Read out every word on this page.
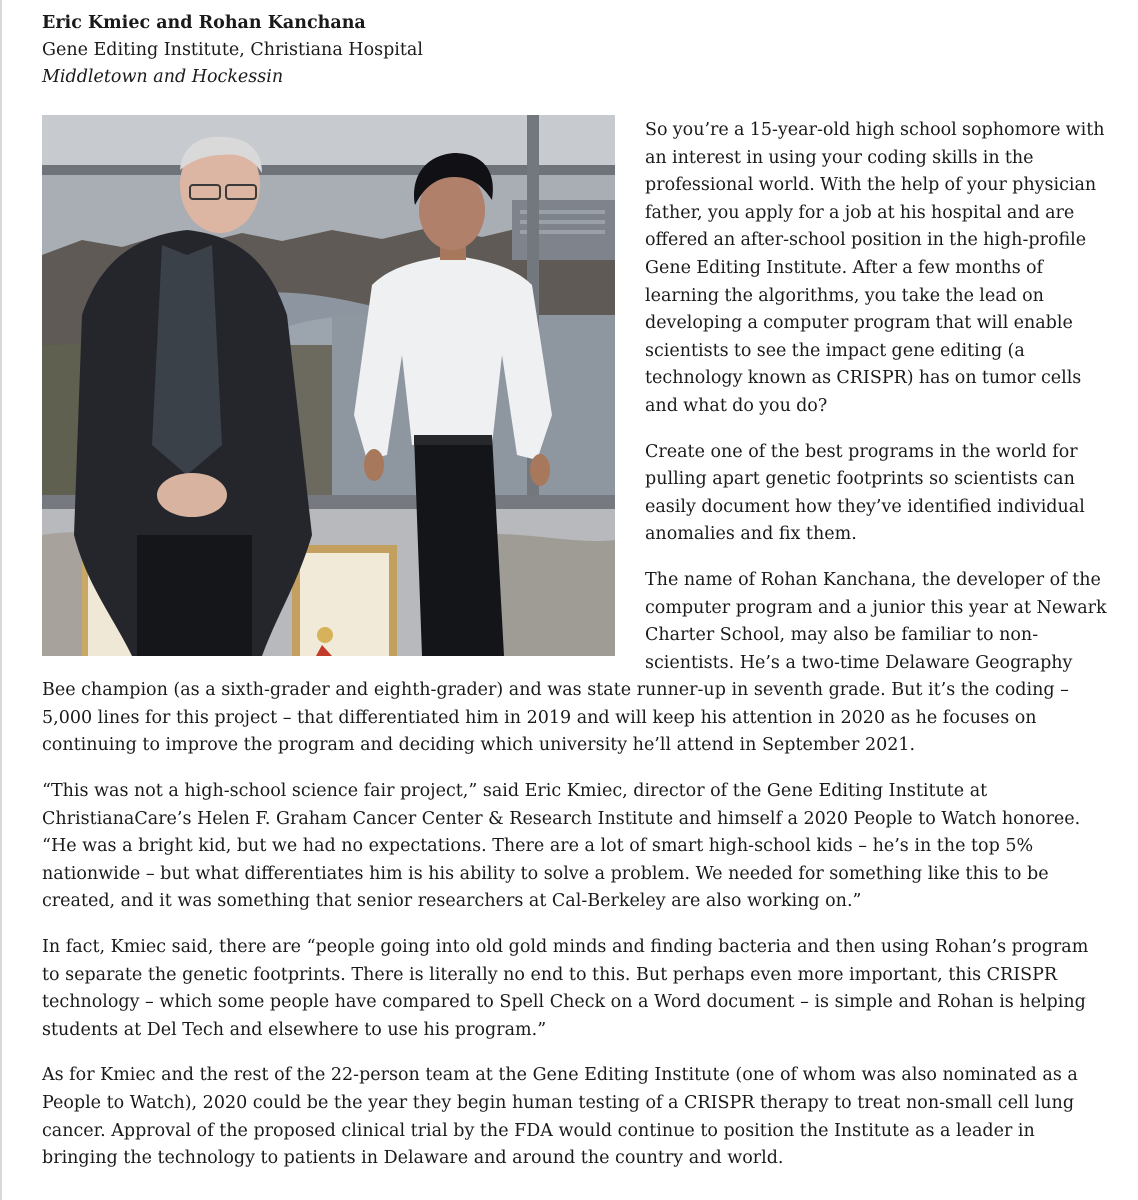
Eric Kmiec and Rohan Kanchana
Gene Editing Institute, Christiana Hospital
Middletown and Hockessin

So you’re a 15-year-old high school sophomore with an interest in using your coding skills in the professional world. With the help of your physician father, you apply for a job at his hospital and are offered an after-school position in the high-profile Gene Editing Institute. After a few months of learning the algorithms, you take the lead on developing a computer program that will enable scientists to see the impact gene editing (a technology known as CRISPR) has on tumor cells and what do you do?

Create one of the best programs in the world for pulling apart genetic footprints so scientists can easily document how they’ve identified individual anomalies and fix them.

The name of Rohan Kanchana, the developer of the computer program and a junior this year at Newark Charter School, may also be familiar to non-scientists. He’s a two-time Delaware Geography Bee champion (as a sixth-grader and eighth-grader) and was state runner-up in seventh grade. But it’s the coding – 5,000 lines for this project – that differentiated him in 2019 and will keep his attention in 2020 as he focuses on continuing to improve the program and deciding which university he’ll attend in September 2021.

“This was not a high-school science fair project,” said Eric Kmiec, director of the Gene Editing Institute at ChristianaCare’s Helen F. Graham Cancer Center & Research Institute and himself a 2020 People to Watch honoree. “He was a bright kid, but we had no expectations. There are a lot of smart high-school kids – he’s in the top 5% nationwide – but what differentiates him is his ability to solve a problem. We needed for something like this to be created, and it was something that senior researchers at Cal-Berkeley are also working on.”

In fact, Kmiec said, there are “people going into old gold minds and finding bacteria and then using Rohan’s program to separate the genetic footprints. There is literally no end to this. But perhaps even more important, this CRISPR technology – which some people have compared to Spell Check on a Word document – is simple and Rohan is helping students at Del Tech and elsewhere to use his program.”

As for Kmiec and the rest of the 22-person team at the Gene Editing Institute (one of whom was also nominated as a People to Watch), 2020 could be the year they begin human testing of a CRISPR therapy to treat non-small cell lung cancer. Approval of the proposed clinical trial by the FDA would continue to position the Institute as a leader in bringing the technology to patients in Delaware and around the country and world.
